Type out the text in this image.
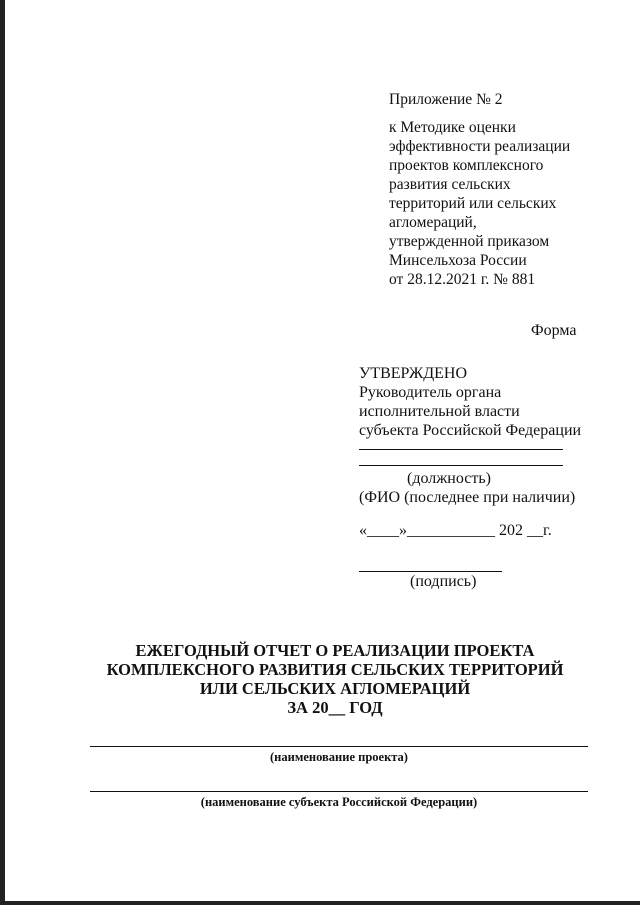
Приложение № 2
к Методике оценки
эффективности реализации
проектов комплексного
развития сельских
территорий или сельских
агломераций,
утвержденной приказом
Минсельхоза России
от 28.12.2021 г. № 881
Форма
УТВЕРЖДЕНО
Руководитель органа
исполнительной власти
субъекта Российской Федерации
(должность)
(ФИО (последнее при наличии)
«____»___________ 202 __г.
(подпись)
ЕЖЕГОДНЫЙ ОТЧЕТ О РЕАЛИЗАЦИИ ПРОЕКТА
КОМПЛЕКСНОГО РАЗВИТИЯ СЕЛЬСКИХ ТЕРРИТОРИЙ
ИЛИ СЕЛЬСКИХ АГЛОМЕРАЦИЙ
ЗА 20__ ГОД
(наименование проекта)
(наименование субъекта Российской Федерации)
